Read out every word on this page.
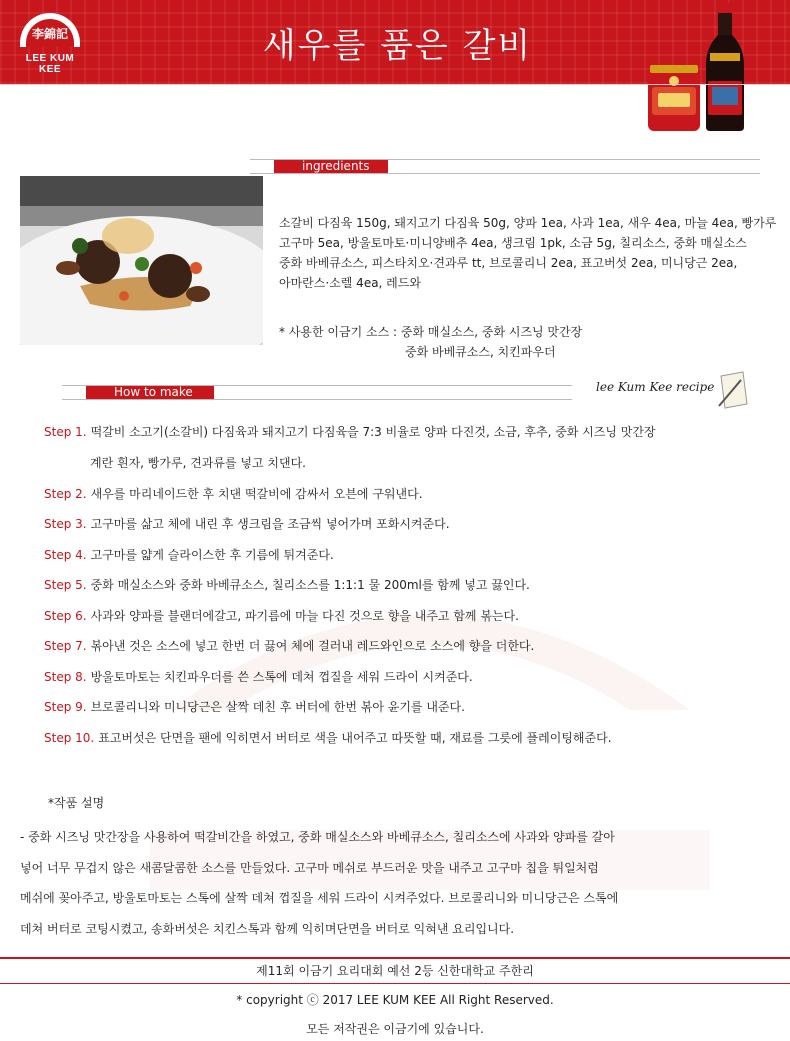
李錦記
LEE KUM KEE
새우를 품은 갈비
ingredients
소갈비 다짐육 150g, 돼지고기 다짐육 50g, 양파 1ea, 사과 1ea, 새우 4ea, 마늘 4ea, 빵가루
고구마 5ea, 방울토마토·미니양배추 4ea, 생크림 1pk, 소금 5g, 칠리소스, 중화 매실소스
중화 바베큐소스, 피스타치오·견과루 tt, 브로콜리니 2ea, 표고버섯 2ea, 미니당근 2ea,
아마란스·소렐 4ea, 레드와
* 사용한 이금기 소스 : 중화 매실소스, 중화 시즈닝 맛간장
중화 바베큐소스, 치킨파우더
How to make	lee Kum Kee recipe
Step 1. 떡갈비 소고기(소갈비) 다짐육과 돼지고기 다짐육을 7:3 비율로 양파 다진것, 소금, 후추, 중화 시즈닝 맛간장
계란 흰자, 빵가루, 견과류를 넣고 치댄다.
Step 2. 새우를 마리네이드한 후 치댄 떡갈비에 감싸서 오븐에 구워낸다.
Step 3. 고구마를 삶고 체에 내린 후 생크림을 조금씩 넣어가며 포화시켜준다.
Step 4. 고구마를 얇게 슬라이스한 후 기름에 튀겨준다.
Step 5. 중화 매실소스와 중화 바베큐소스, 칠리소스를 1:1:1 물 200ml를 함께 넣고 끓인다.
Step 6. 사과와 양파를 블랜더에갈고, 파기름에 마늘 다진 것으로 향을 내주고 함께 볶는다.
Step 7. 볶아낸 것은 소스에 넣고 한번 더 끓여 체에 걸러내 레드와인으로 소스에 향을 더한다.
Step 8. 방울토마토는 치킨파우더를 쓴 스톡에 데쳐 껍질을 세워 드라이 시켜준다.
Step 9. 브로콜리니와 미니당근은 살짝 데친 후 버터에 한번 볶아 윤기를 내준다.
Step 10. 표고버섯은 단면을 팬에 익히면서 버터로 색을 내어주고 따뜻할 때, 재료를 그릇에 플레이팅해준다.
*작품 설명
- 중화 시즈닝 맛간장을 사용하여 떡갈비간을 하였고, 중화 매실소스와 바베큐소스, 칠리소스에 사과와 양파를 갈아
넣어 너무 무겁지 않은 새콤달콤한 소스를 만들었다. 고구마 메쉬로 부드러운 맛을 내주고 고구마 칩을 튀일처럼
메쉬에 꽂아주고, 방울토마토는 스톡에 살짝 데쳐 껍질을 세워 드라이 시켜주었다. 브로콜리니와 미니당근은 스톡에
데쳐 버터로 코팅시켰고, 송화버섯은 치킨스톡과 함께 익히며단면을 버터로 익혀낸 요리입니다.
제11회 이금기 요리대회 예선 2등 신한대학교 주한리
* copyright ⓒ 2017 LEE KUM KEE All Right Reserved.
모든 저작권은 이금기에 있습니다.
